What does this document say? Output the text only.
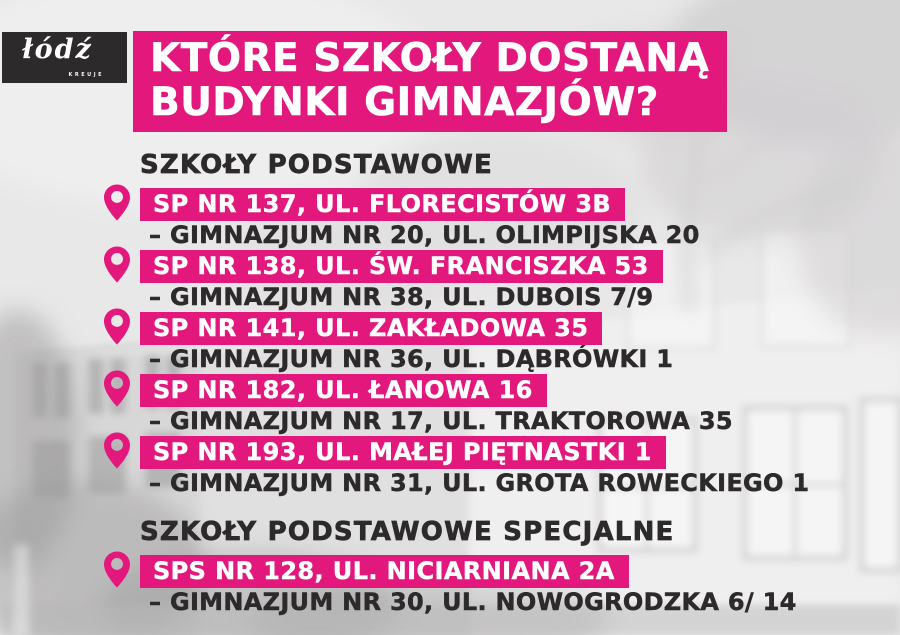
łódź
KREUJE KTÓRE SZKOŁY DOSTANĄ
BUDYNKI GIMNAZJÓW?
SZKOŁY PODSTAWOWE
SP NR 137, UL. FLORECISTÓW 3B
– GIMNAZJUM NR 20, UL. OLIMPIJSKA 20
SP NR 138, UL. ŚW. FRANCISZKA 53
– GIMNAZJUM NR 38, UL. DUBOIS 7/9
SP NR 141, UL. ZAKŁADOWA 35
– GIMNAZJUM NR 36, UL. DĄBRÓWKI 1
SP NR 182, UL. ŁANOWA 16
– GIMNAZJUM NR 17, UL. TRAKTOROWA 35
SP NR 193, UL. MAŁEJ PIĘTNASTKI 1
– GIMNAZJUM NR 31, UL. GROTA ROWECKIEGO 1
SZKOŁY PODSTAWOWE SPECJALNE
SPS NR 128, UL. NICIARNIANA 2A
– GIMNAZJUM NR 30, UL. NOWOGRODZKA 6/ 14
